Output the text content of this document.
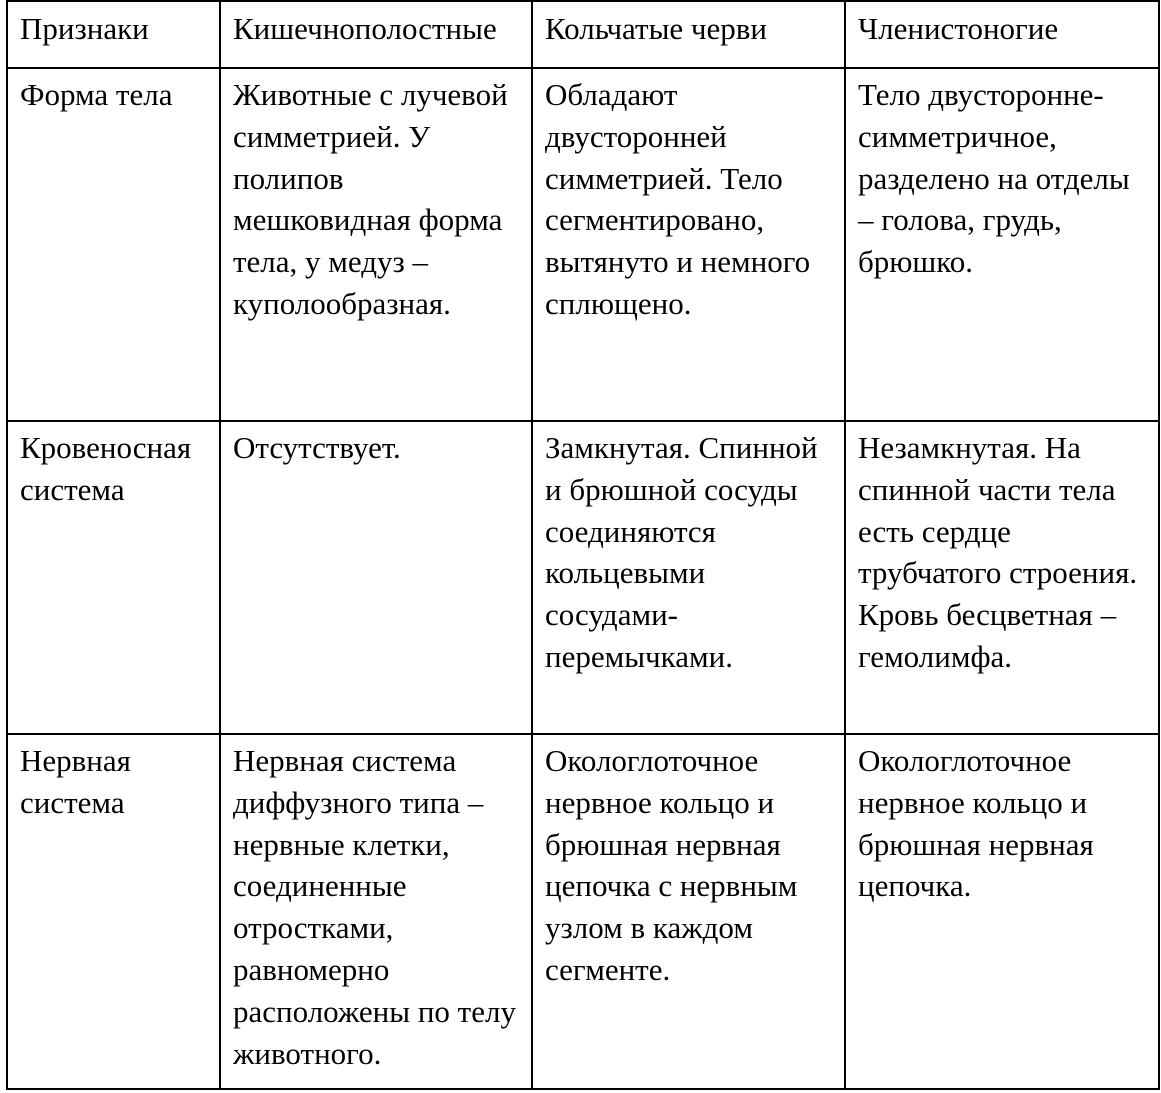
Признаки	Кишечнополостные	Кольчатые черви	Членистоногие

Форма тела	Животные с лучевой симметрией. У полипов мешковидная форма тела, у медуз – куполообразная.	Обладают двусторонней симметрией. Тело сегментировано, вытянуто и немного сплющено.	Тело двусторонне-симметричное, разделено на отделы – голова, грудь, брюшко.

Кровеносная система	Отсутствует.	Замкнутая. Спинной и брюшной сосуды соединяются кольцевыми сосудами-перемычками.	Незамкнутая. На спинной части тела есть сердце трубчатого строения. Кровь бесцветная – гемолимфа.

Нервная система	Нервная система диффузного типа – нервные клетки, соединенные отростками, равномерно расположены по телу животного.	Окологлоточное нервное кольцо и брюшная нервная цепочка с нервным узлом в каждом сегменте.	Окологлоточное нервное кольцо и брюшная нервная цепочка.
